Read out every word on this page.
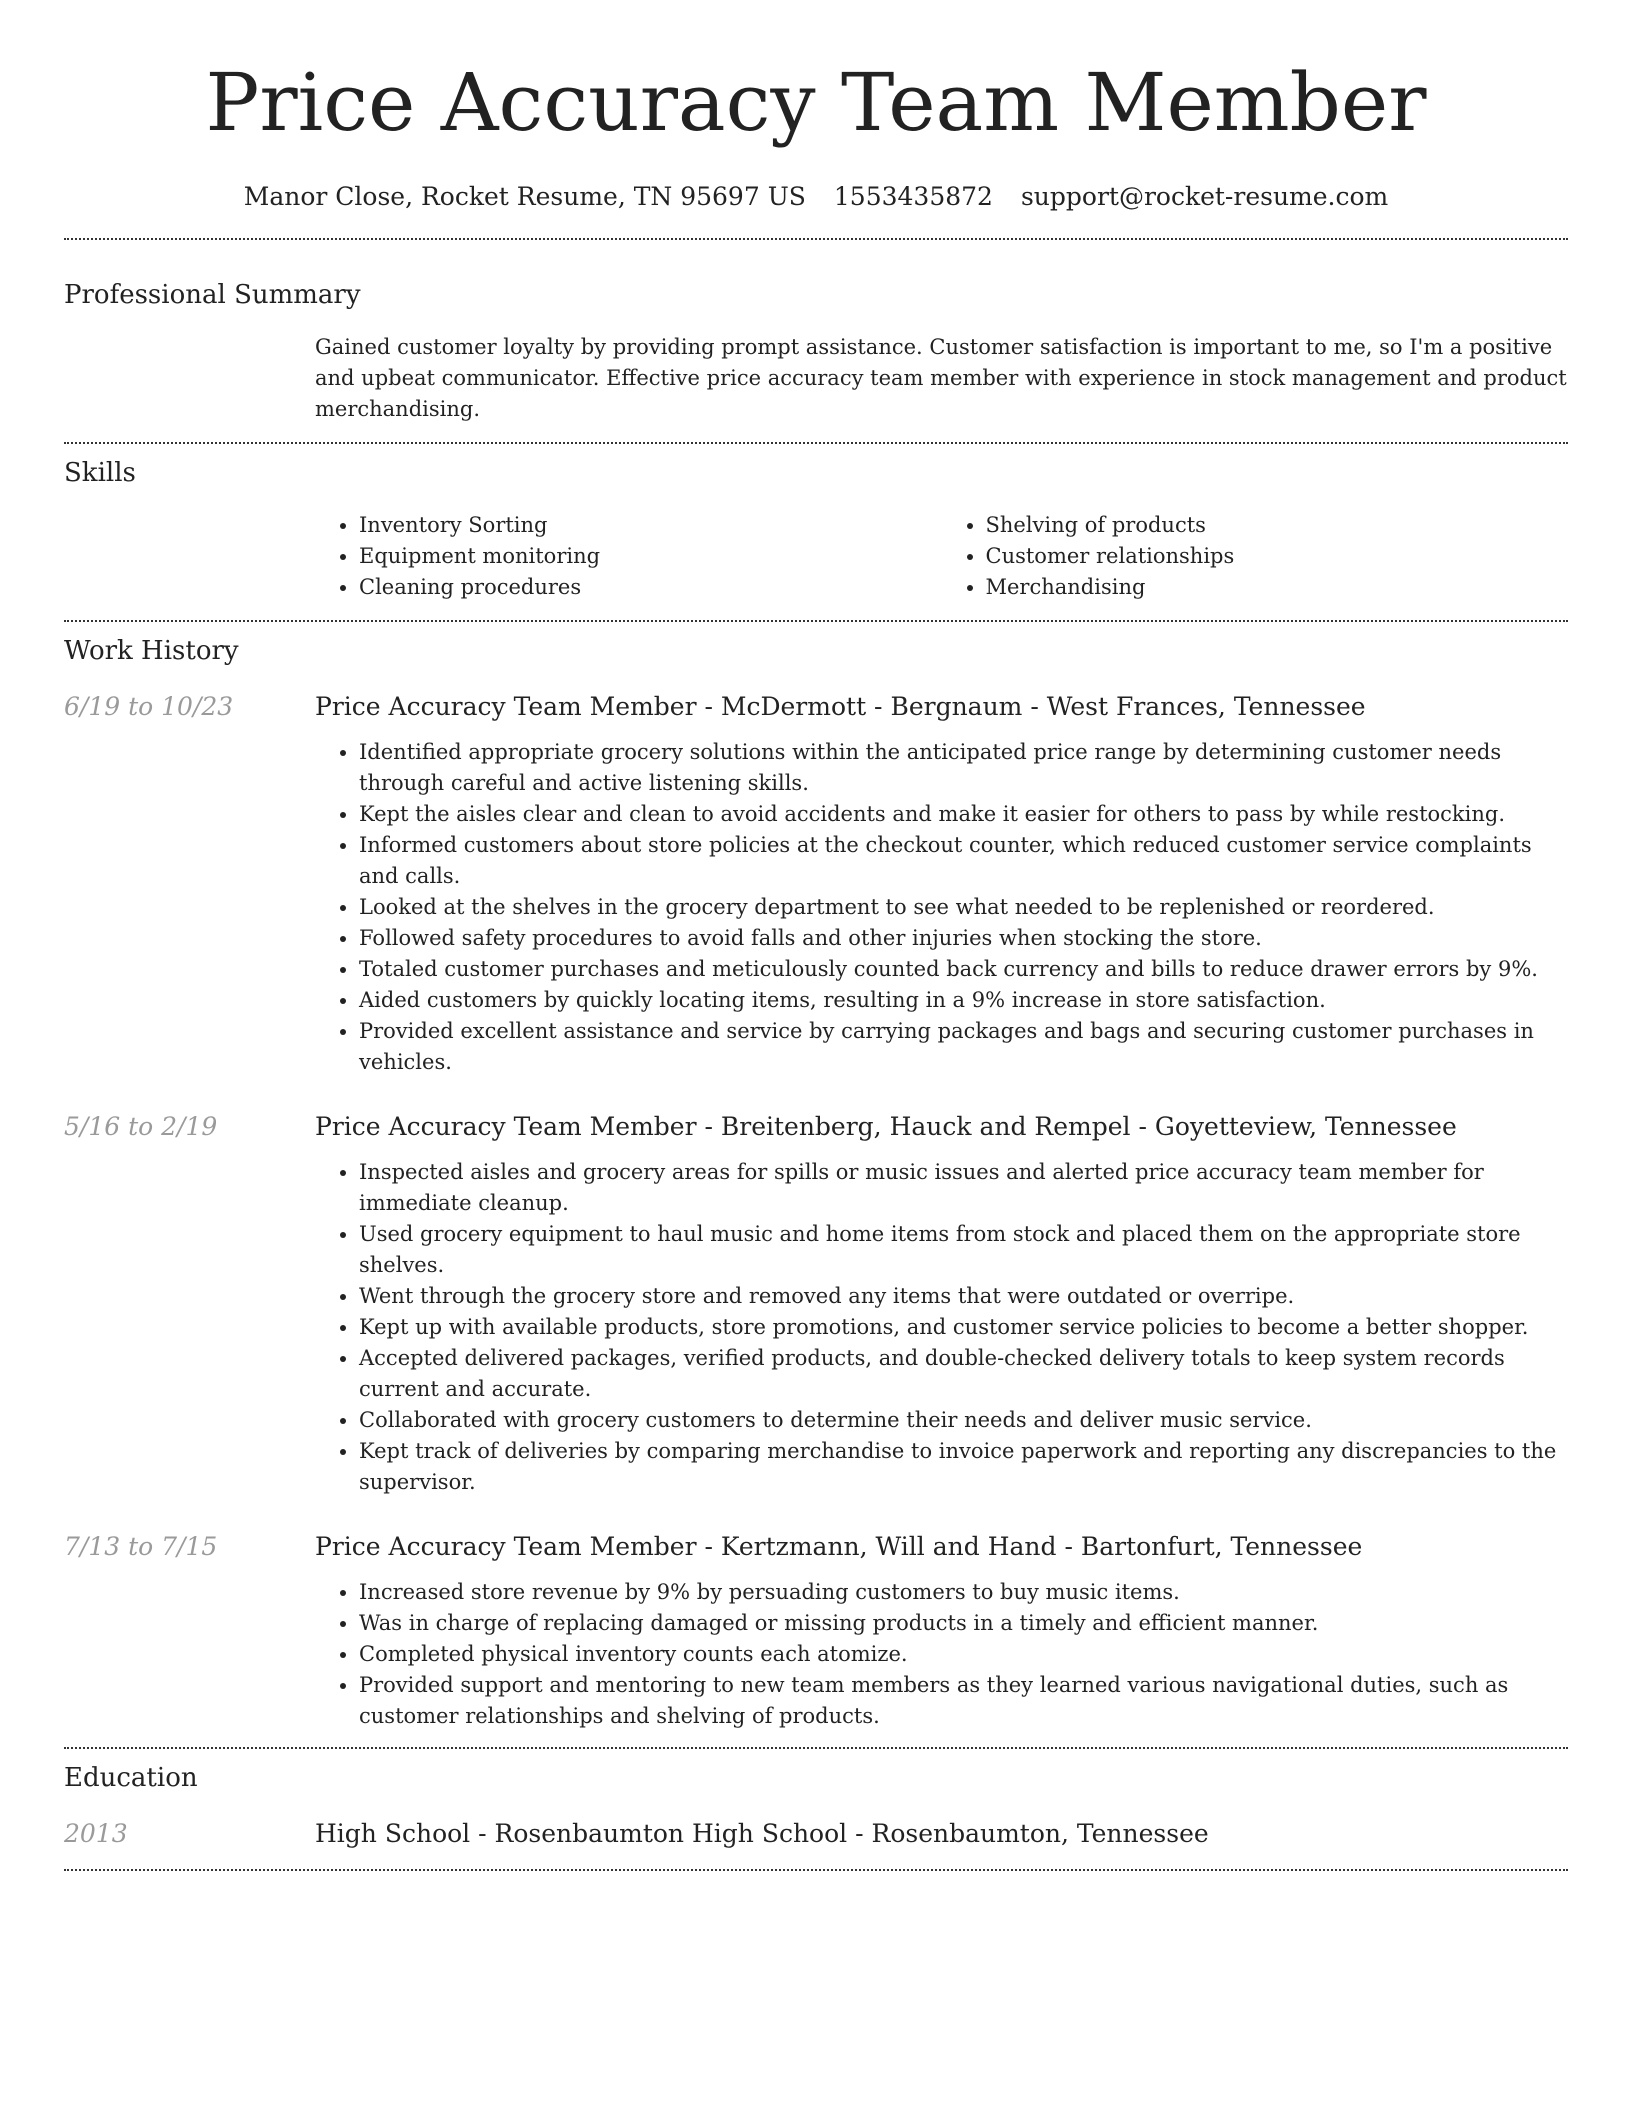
Price Accuracy Team Member
Manor Close, Rocket Resume, TN 95697 US 1553435872 support@rocket-resume.com
Professional Summary

Gained customer loyalty by providing prompt assistance. Customer satisfaction is important to me, so I'm a positive and upbeat communicator. Effective price accuracy team member with experience in stock management and product merchandising.

Skills
• Inventory Sorting
• Equipment monitoring
• Cleaning procedures
• Shelving of products
• Customer relationships
• Merchandising
Work History
6/19 to 10/23	Price Accuracy Team Member - McDermott - Bergnaum - West Frances, Tennessee
• Identified appropriate grocery solutions within the anticipated price range by determining customer needs through careful and active listening skills.
• Kept the aisles clear and clean to avoid accidents and make it easier for others to pass by while restocking.
• Informed customers about store policies at the checkout counter, which reduced customer service complaints and calls.
• Looked at the shelves in the grocery department to see what needed to be replenished or reordered.
• Followed safety procedures to avoid falls and other injuries when stocking the store.
• Totaled customer purchases and meticulously counted back currency and bills to reduce drawer errors by 9%.
• Aided customers by quickly locating items, resulting in a 9% increase in store satisfaction.
• Provided excellent assistance and service by carrying packages and bags and securing customer purchases in vehicles.
5/16 to 2/19	Price Accuracy Team Member - Breitenberg, Hauck and Rempel - Goyetteview, Tennessee
• Inspected aisles and grocery areas for spills or music issues and alerted price accuracy team member for immediate cleanup.
• Used grocery equipment to haul music and home items from stock and placed them on the appropriate store shelves.
• Went through the grocery store and removed any items that were outdated or overripe.
• Kept up with available products, store promotions, and customer service policies to become a better shopper.
• Accepted delivered packages, verified products, and double-checked delivery totals to keep system records current and accurate.
• Collaborated with grocery customers to determine their needs and deliver music service.
• Kept track of deliveries by comparing merchandise to invoice paperwork and reporting any discrepancies to the supervisor.
7/13 to 7/15	Price Accuracy Team Member - Kertzmann, Will and Hand - Bartonfurt, Tennessee
• Increased store revenue by 9% by persuading customers to buy music items.
• Was in charge of replacing damaged or missing products in a timely and efficient manner.
• Completed physical inventory counts each atomize.
• Provided support and mentoring to new team members as they learned various navigational duties, such as customer relationships and shelving of products.
Education
2013	High School - Rosenbaumton High School - Rosenbaumton, Tennessee
